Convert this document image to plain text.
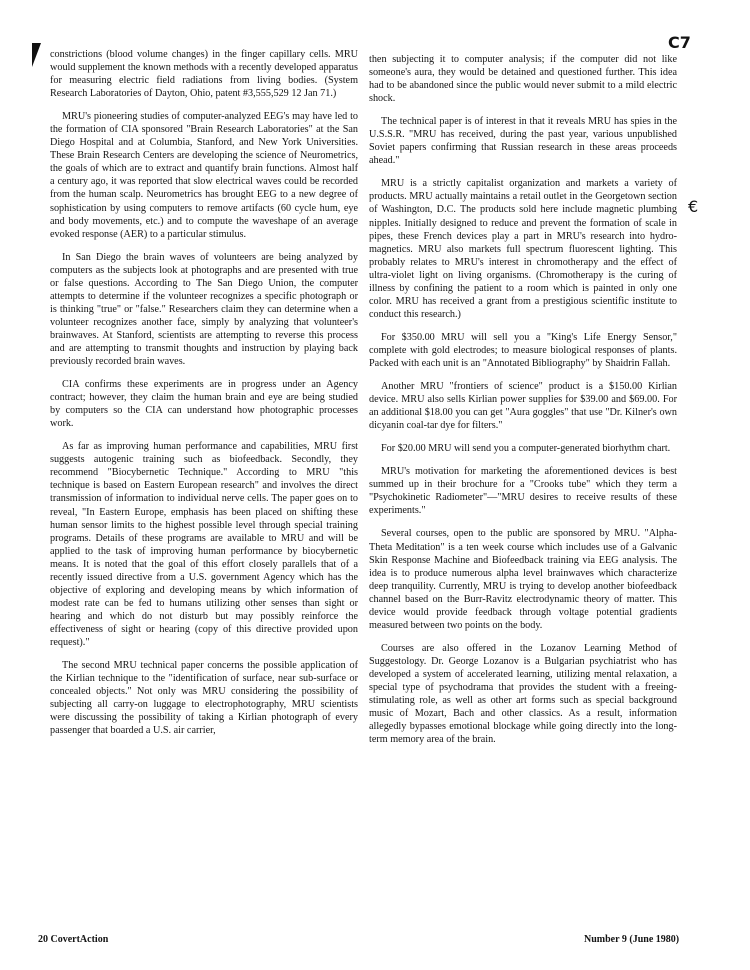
Ϲ7
€

constrictions (blood volume changes) in the finger capillary cells. MRU would supplement the known methods with a recently developed apparatus for measuring electric field radiations from living bodies. (System Research Laboratories of Dayton, Ohio, patent #3,555,529 12 Jan 71.)

MRU's pioneering studies of computer-analyzed EEG's may have led to the formation of CIA sponsored "Brain Research Laboratories" at the San Diego Hospital and at Columbia, Stanford, and New York Universities. These Brain Research Centers are developing the science of Neurometrics, the goals of which are to extract and quantify brain functions. Almost half a century ago, it was reported that slow electrical waves could be recorded from the human scalp. Neurometrics has brought EEG to a new degree of sophistication by using computers to remove artifacts (60 cycle hum, eye and body movements, etc.) and to compute the waveshape of an average evoked response (AER) to a particular stimulus.

In San Diego the brain waves of volunteers are being analyzed by computers as the subjects look at photographs and are presented with true or false questions. According to The San Diego Union, the computer attempts to determine if the volunteer recognizes a specific photograph or is thinking "true" or "false." Researchers claim they can determine when a volunteer recognizes another face, simply by analyzing that volunteer's brainwaves. At Stanford, scientists are attempting to reverse this process and are attempting to transmit thoughts and instruction by playing back previously recorded brain waves.

CIA confirms these experiments are in progress under an Agency contract; however, they claim the human brain and eye are being studied by computers so the CIA can understand how photographic processes work.

As far as improving human performance and capabilities, MRU first suggests autogenic training such as biofeedback. Secondly, they recommend "Biocybernetic Technique." According to MRU "this technique is based on Eastern European research" and involves the direct transmission of information to individual nerve cells. The paper goes on to reveal, "In Eastern Europe, emphasis has been placed on shifting these human sensor limits to the highest possible level through special training programs. Details of these programs are available to MRU and will be applied to the task of improving human performance by biocybernetic means. It is noted that the goal of this effort closely parallels that of a recently issued directive from a U.S. government Agency which has the objective of exploring and developing means by which information of modest rate can be fed to humans utilizing other senses than sight or hearing and which do not disturb but may possibly reinforce the effectiveness of sight or hearing (copy of this directive provided upon request)."

The second MRU technical paper concerns the possible application of the Kirlian technique to the "identification of surface, near sub-surface or concealed objects." Not only was MRU considering the possibility of subjecting all carry-on luggage to electrophotography, MRU scientists were discussing the possibility of taking a Kirlian photograph of every passenger that boarded a U.S. air carrier,

then subjecting it to computer analysis; if the computer did not like someone's aura, they would be detained and questioned further. This idea had to be abandoned since the public would never submit to a mild electric shock.

The technical paper is of interest in that it reveals MRU has spies in the U.S.S.R. "MRU has received, during the past year, various unpublished Soviet papers confirming that Russian research in these areas proceeds ahead."

MRU is a strictly capitalist organization and markets a variety of products. MRU actually maintains a retail outlet in the Georgetown section of Washington, D.C. The products sold here include magnetic plumbing nipples. Initially designed to reduce and prevent the formation of scale in pipes, these French devices play a part in MRU's research into hydro-magnetics. MRU also markets full spectrum fluorescent lighting. This probably relates to MRU's interest in chromotherapy and the effect of ultra-violet light on living organisms. (Chromotherapy is the curing of illness by confining the patient to a room which is painted in only one color. MRU has received a grant from a prestigious scientific institute to conduct this research.)

For $350.00 MRU will sell you a "King's Life Energy Sensor," complete with gold electrodes; to measure biological responses of plants. Packed with each unit is an "Annotated Bibliography" by Shaidrin Fallah.

Another MRU "frontiers of science" product is a $150.00 Kirlian device. MRU also sells Kirlian power supplies for $39.00 and $69.00. For an additional $18.00 you can get "Aura goggles" that use "Dr. Kilner's own dicyanin coal-tar dye for filters."

For $20.00 MRU will send you a computer-generated biorhythm chart.

MRU's motivation for marketing the aforementioned devices is best summed up in their brochure for a "Crooks tube" which they term a "Psychokinetic Radiometer"—"MRU desires to receive results of these experiments."

Several courses, open to the public are sponsored by MRU. "Alpha-Theta Meditation" is a ten week course which includes use of a Galvanic Skin Response Machine and Biofeedback training via EEG analysis. The idea is to produce numerous alpha level brainwaves which characterize deep tranquility. Currently, MRU is trying to develop another biofeedback channel based on the Burr-Ravitz electrodynamic theory of matter. This device would provide feedback through voltage potential gradients measured between two points on the body.

Courses are also offered in the Lozanov Learning Method of Suggestology. Dr. George Lozanov is a Bulgarian psychiatrist who has developed a system of accelerated learning, utilizing mental relaxation, a special type of psychodrama that provides the student with a freeing-stimulating role, as well as other art forms such as special background music of Mozart, Bach and other classics. As a result, information allegedly bypasses emotional blockage while going directly into the long-term memory area of the brain.

20 CovertAction	Number 9 (June 1980)
